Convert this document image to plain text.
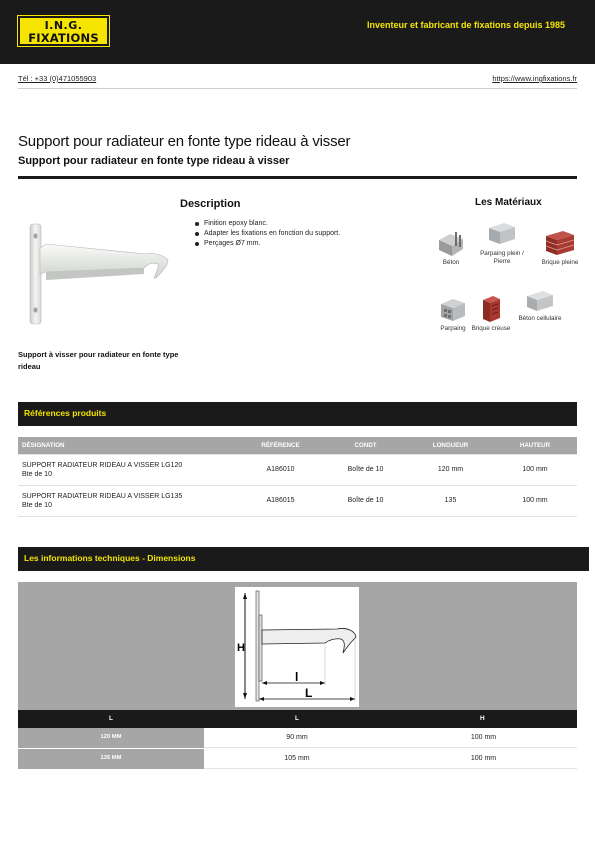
I.N.G.
FIXATIONS
Inventeur et fabricant de fixations depuis 1985
Tél : +33 (0)471055903	https://www.ingfixations.fr
Support pour radiateur en fonte type rideau à visser
Support pour radiateur en fonte type rideau à visser
Support à visser pour radiateur en fonte type rideau
Description
Finition epoxy blanc.
Adapter les fixations en fonction du support.
Perçages Ø7 mm.
Les Matériaux
Béton
Parpaing plein / Pierre	Brique pleine
Parpaing Brique creuse
Béton cellulaire
Références produits
DÉSIGNATION	RÉFÉRENCE	CONDT	LONGUEUR	HAUTEUR
SUPPORT RADIATEUR RIDEAU A VISSER LG120
Bte de 10	A186010	Boîte de 10	120 mm	100 mm
SUPPORT RADIATEUR RIDEAU A VISSER LG135
Bte de 10	A186015	Boîte de 10	135	100 mm
Les informations techniques - Dimensions
H
l
L
L	L	H
120 MM	90 mm	100 mm
135 MM	105 mm	100 mm
